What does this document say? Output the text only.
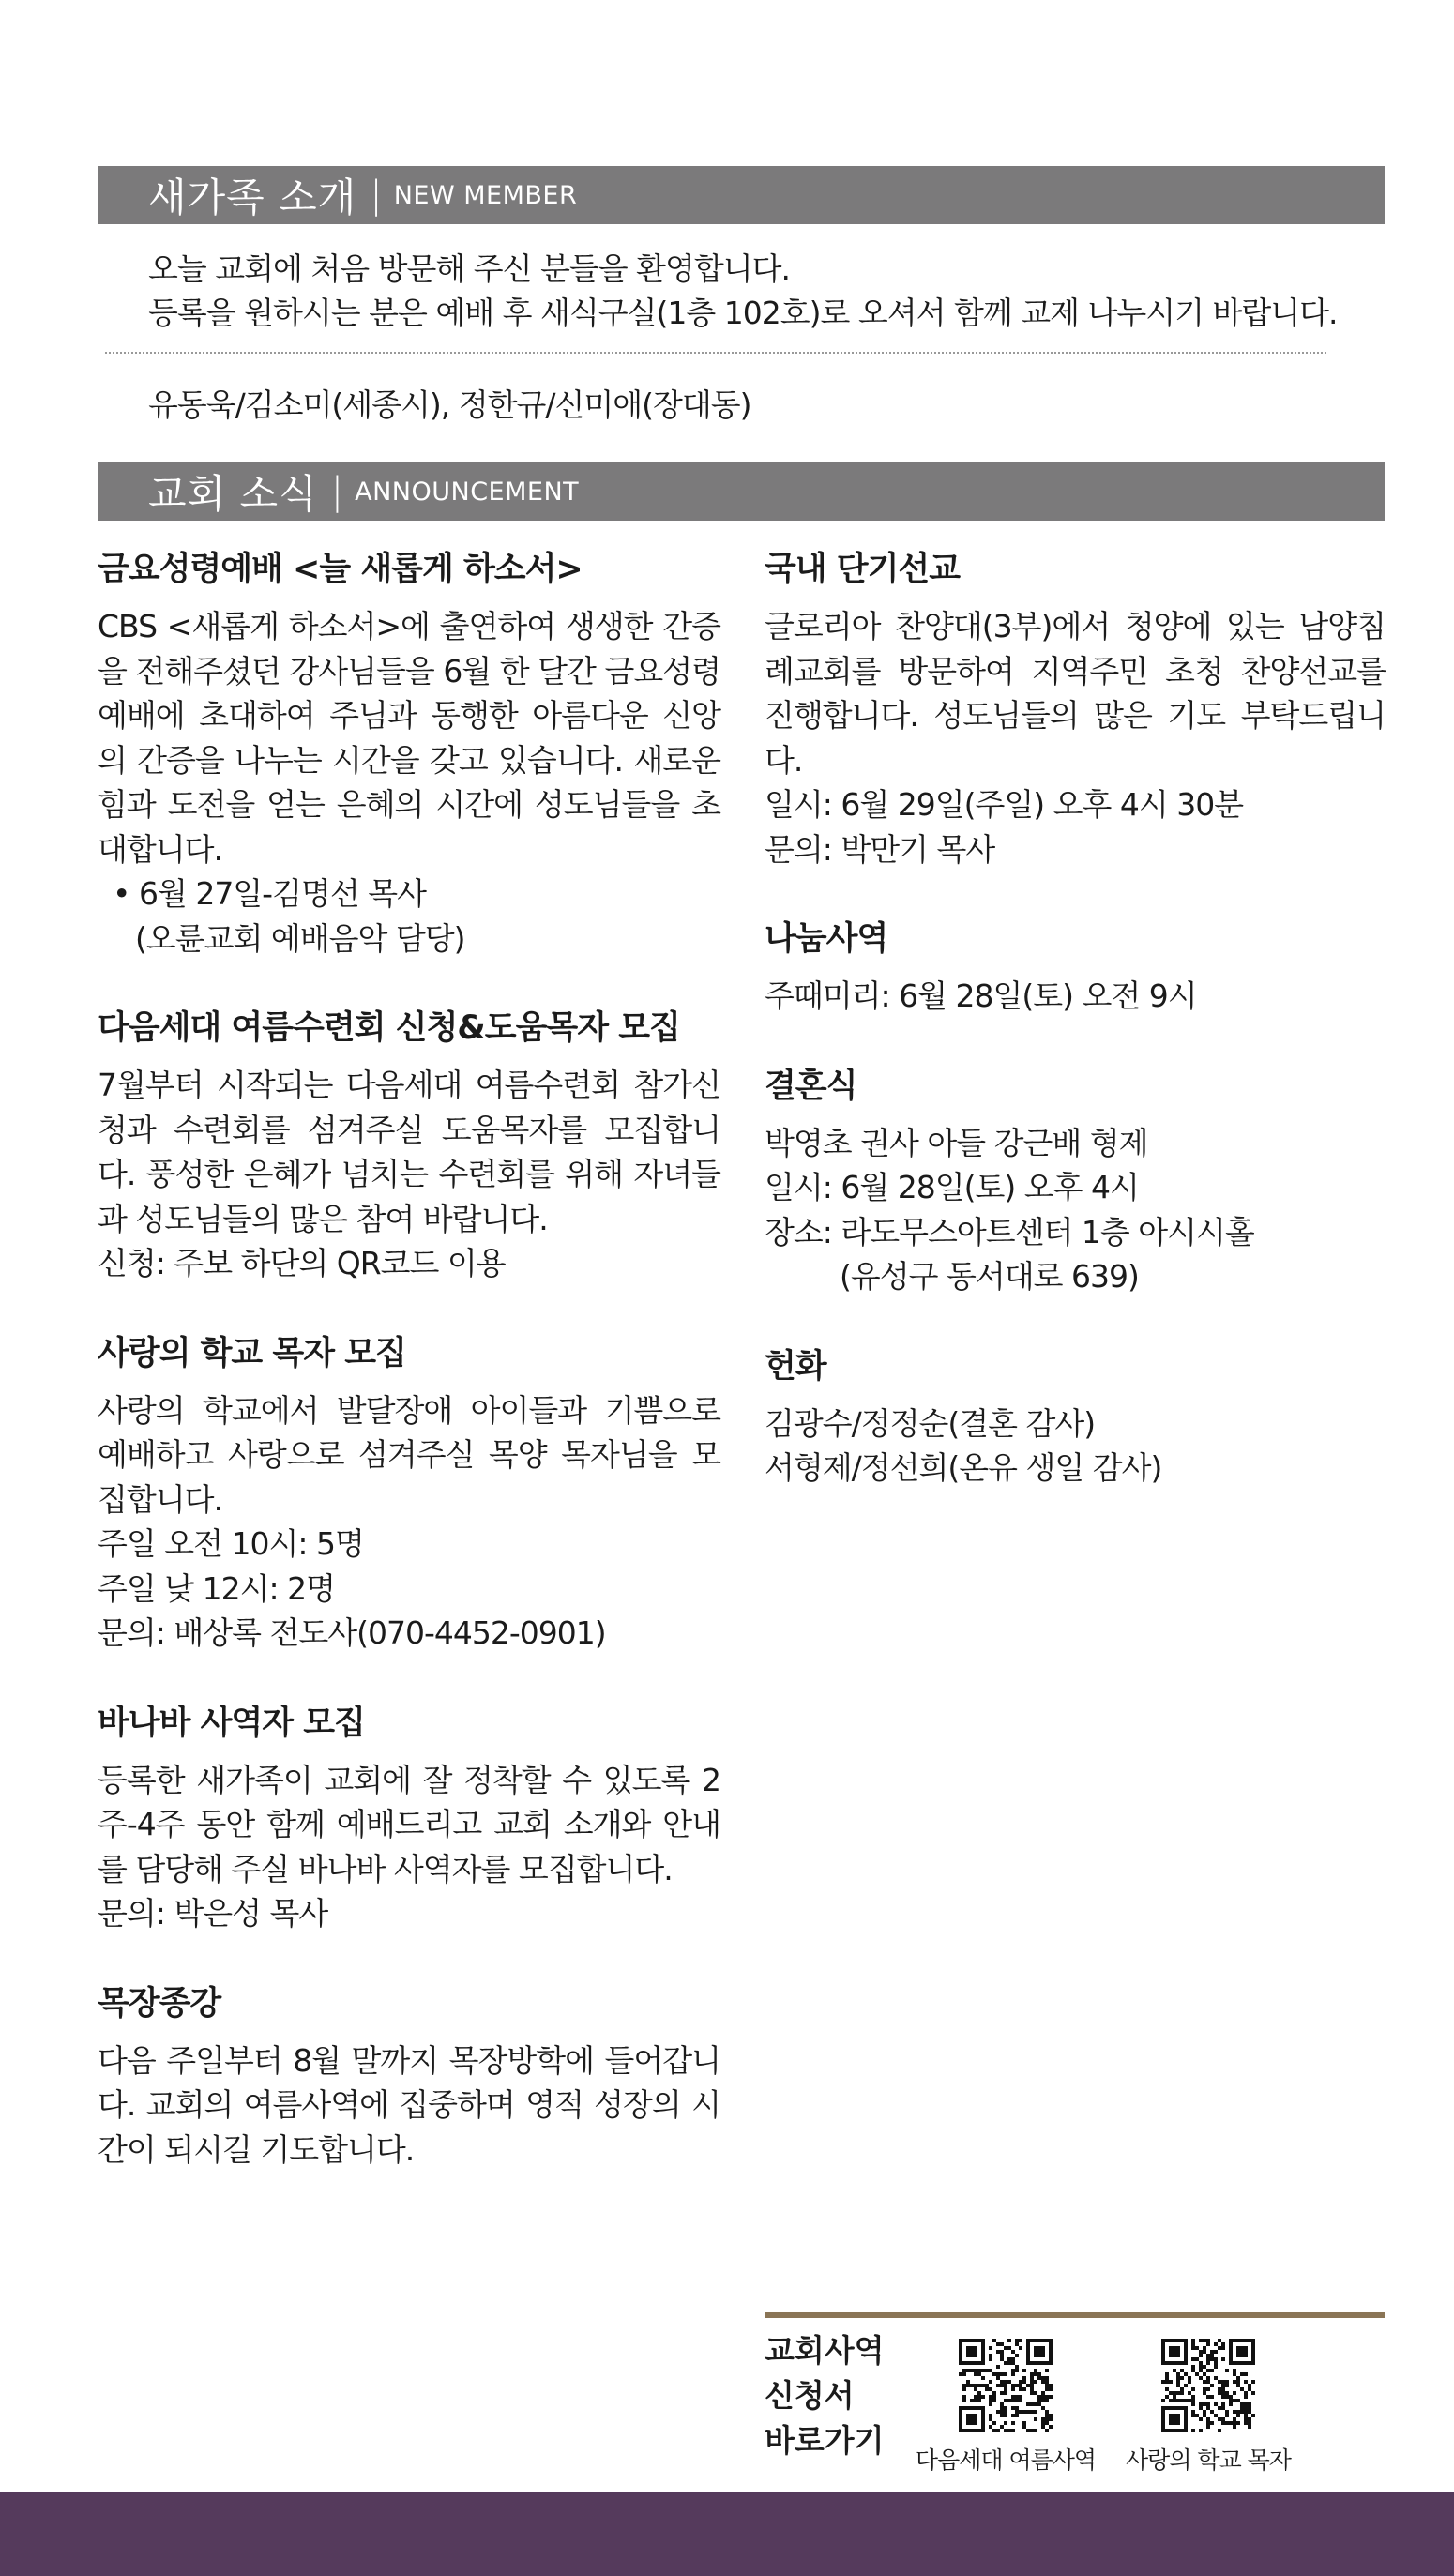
새가족 소개 | NEW MEMBER
오늘 교회에 처음 방문해 주신 분들을 환영합니다.
등록을 원하시는 분은 예배 후 새식구실(1층 102호)로 오셔서 함께 교제 나누시기 바랍니다.
유동욱/김소미(세종시), 정한규/신미애(장대동)
교회 소식 | ANNOUNCEMENT
금요성령예배 <늘 새롭게 하소서>

CBS <새롭게 하소서>에 출연하여 생생한 간증을 전해주셨던 강사님들을 6월 한 달간 금요성령예배에 초대하여 주님과 동행한 아름다운 신앙의 간증을 나누는 시간을 갖고 있습니다. 새로운 힘과 도전을 얻는 은혜의 시간에 성도님들을 초대합니다.

• 6월 27일-김명선 목사
(오륜교회 예배음악 담당)
다음세대 여름수련회 신청&도움목자 모집

7월부터 시작되는 다음세대 여름수련회 참가신청과 수련회를 섬겨주실 도움목자를 모집합니다. 풍성한 은혜가 넘치는 수련회를 위해 자녀들과 성도님들의 많은 참여 바랍니다.

신청: 주보 하단의 QR코드 이용
사랑의 학교 목자 모집

사랑의 학교에서 발달장애 아이들과 기쁨으로 예배하고 사랑으로 섬겨주실 목양 목자님을 모집합니다.

주일 오전 10시: 5명
주일 낮 12시: 2명
문의: 배상록 전도사(070-4452-0901)
바나바 사역자 모집

등록한 새가족이 교회에 잘 정착할 수 있도록 2주-4주 동안 함께 예배드리고 교회 소개와 안내를 담당해 주실 바나바 사역자를 모집합니다.

문의: 박은성 목사
목장종강

다음 주일부터 8월 말까지 목장방학에 들어갑니다. 교회의 여름사역에 집중하며 영적 성장의 시간이 되시길 기도합니다.

국내 단기선교

글로리아 찬양대(3부)에서 청양에 있는 남양침례교회를 방문하여 지역주민 초청 찬양선교를 진행합니다. 성도님들의 많은 기도 부탁드립니다.

일시: 6월 29일(주일) 오후 4시 30분
문의: 박만기 목사
나눔사역
주때미리: 6월 28일(토) 오전 9시
결혼식
박영초 권사 아들 강근배 형제
일시: 6월 28일(토) 오후 4시
장소: 라도무스아트센터 1층 아시시홀
(유성구 동서대로 639)
헌화
김광수/정정순(결혼 감사)
서형제/정선희(온유 생일 감사)
교회사역
신청서
바로가기
다음세대 여름사역	사랑의 학교 목자
